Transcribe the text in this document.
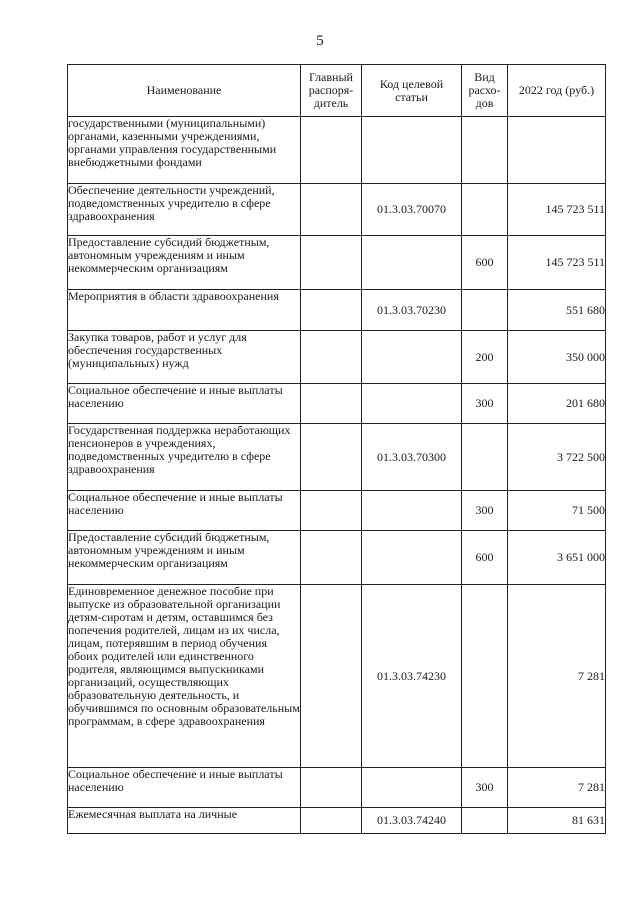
5
Наименование	Главный распоря-дитель	Код целевой статьи	Вид расхо-дов	2022 год (руб.)
государственными (муниципальными) органами, казенными учреждениями, органами управления государственными внебюджетными фондами				
Обеспечение деятельности учреждений, подведомственных учредителю в сфере здравоохранения		01.3.03.70070		145 723 511
Предоставление субсидий бюджетным, автономным учреждениям и иным некоммерческим организациям			600	145 723 511
Мероприятия в области здравоохранения		01.3.03.70230		551 680
Закупка товаров, работ и услуг для обеспечения государственных (муниципальных) нужд			200	350 000
Социальное обеспечение и иные выплаты населению			300	201 680
Государственная поддержка неработающих пенсионеров в учреждениях, подведомственных учредителю в сфере здравоохранения		01.3.03.70300		3 722 500
Социальное обеспечение и иные выплаты населению			300	71 500
Предоставление субсидий бюджетным, автономным учреждениям и иным некоммерческим организациям			600	3 651 000
Единовременное денежное пособие при выпуске из образовательной организации детям-сиротам и детям, оставшимся без попечения родителей, лицам из их числа, лицам, потерявшим в период обучения обоих родителей или единственного родителя, являющимся выпускниками организаций, осуществляющих образовательную деятельность, и обучившимся по основным образовательным программам, в сфере здравоохранения		01.3.03.74230		7 281
Социальное обеспечение и иные выплаты населению			300	7 281
Ежемесячная выплата на личные		01.3.03.74240		81 631
